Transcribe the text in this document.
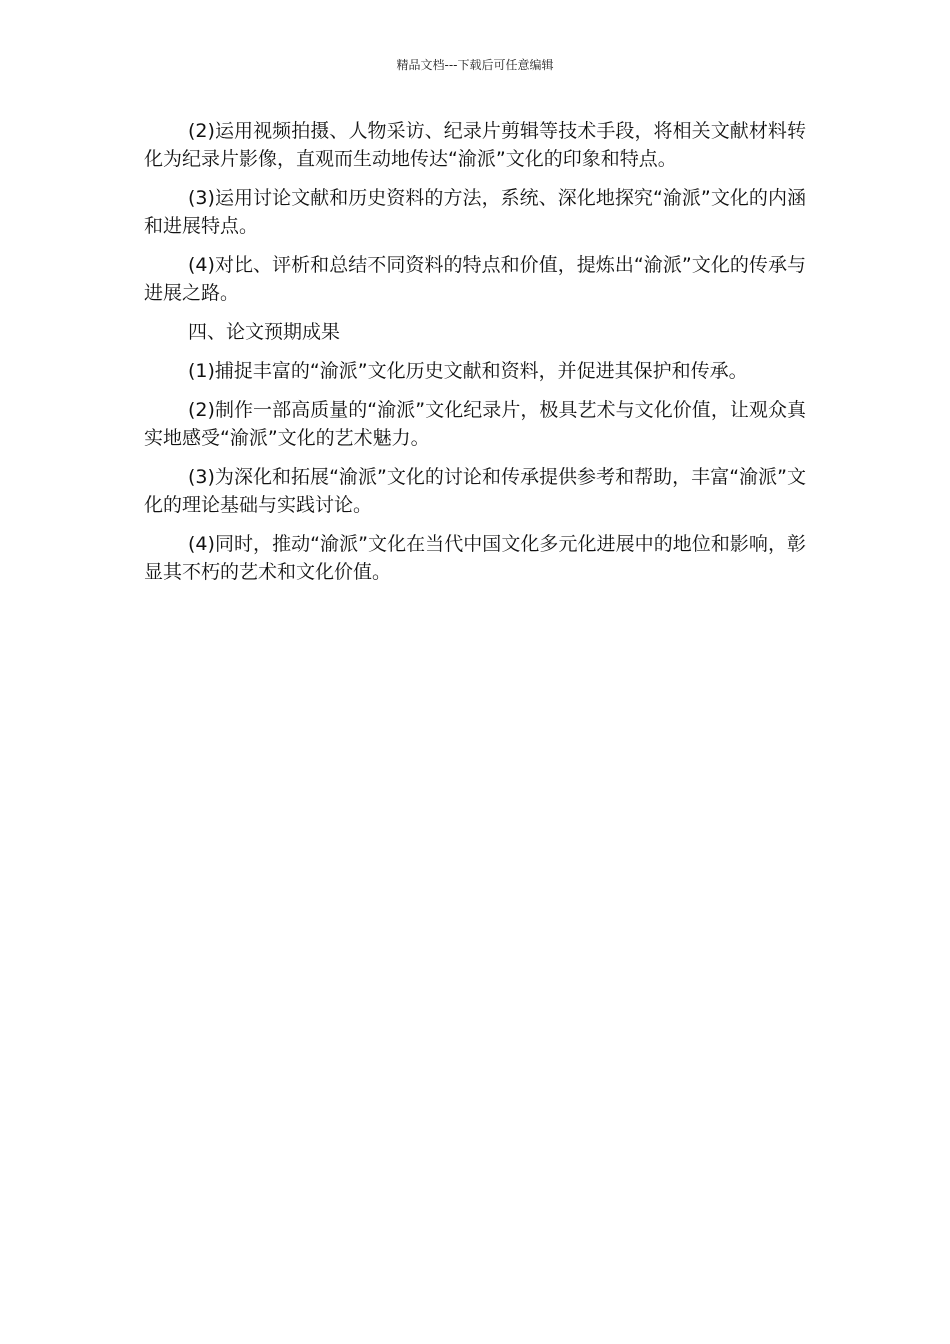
精品文档---下载后可任意编辑

(2)运用视频拍摄、人物采访、纪录片剪辑等技术手段，将相关文献材料转化为纪录片影像，直观而生动地传达“渝派”文化的印象和特点。

(3)运用讨论文献和历史资料的方法，系统、深化地探究“渝派”文化的内涵和进展特点。

(4)对比、评析和总结不同资料的特点和价值，提炼出“渝派”文化的传承与进展之路。

四、论文预期成果

(1)捕捉丰富的“渝派”文化历史文献和资料，并促进其保护和传承。

(2)制作一部高质量的“渝派”文化纪录片，极具艺术与文化价值，让观众真实地感受“渝派”文化的艺术魅力。

(3)为深化和拓展“渝派”文化的讨论和传承提供参考和帮助，丰富“渝派”文化的理论基础与实践讨论。

(4)同时，推动“渝派”文化在当代中国文化多元化进展中的地位和影响，彰显其不朽的艺术和文化价值。
